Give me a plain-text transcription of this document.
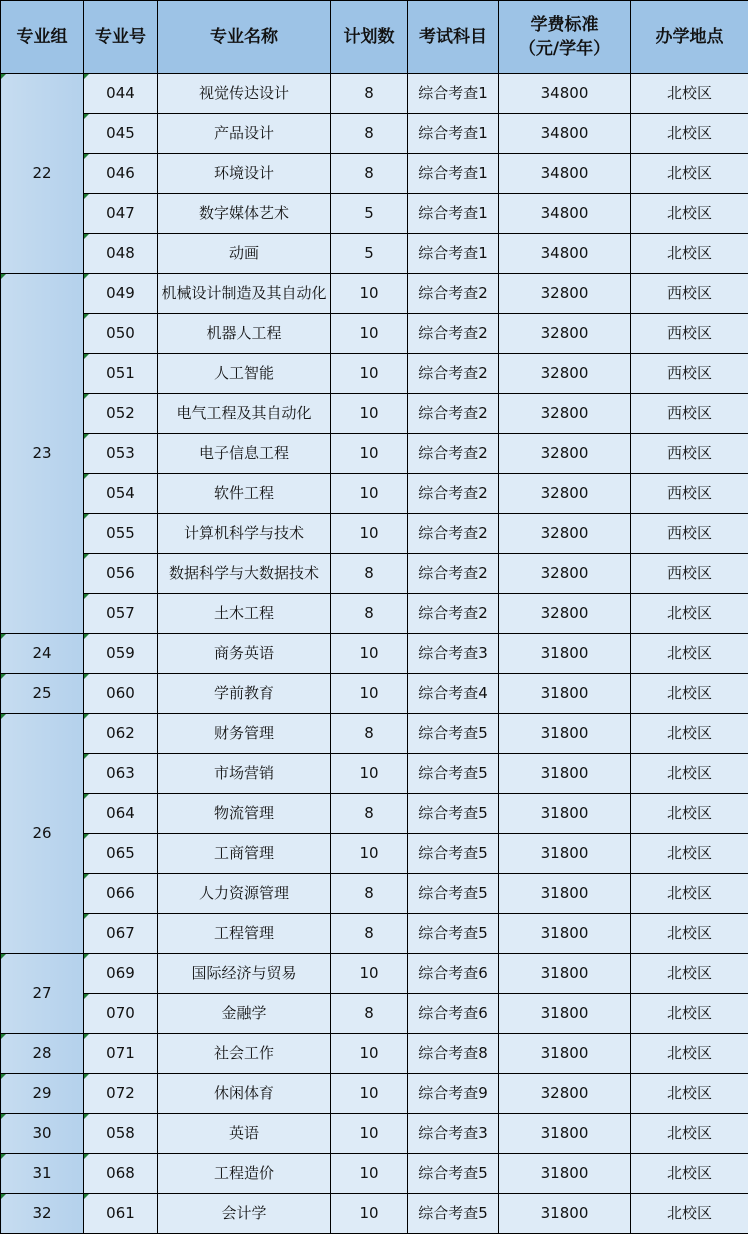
专业组	专业号	专业名称	计划数	考试科目	学费标准
（元/学年）	办学地点

22	044	视觉传达设计	8	综合考查1	34800	北校区

045	产品设计	8	综合考查1	34800	北校区

046	环境设计	8	综合考查1	34800	北校区

047	数字媒体艺术	5	综合考查1	34800	北校区

048	动画	5	综合考查1	34800	北校区

23	049	机械设计制造及其自动化	10	综合考查2	32800	西校区

050	机器人工程	10	综合考查2	32800	西校区

051	人工智能	10	综合考查2	32800	西校区

052	电气工程及其自动化	10	综合考查2	32800	西校区

053	电子信息工程	10	综合考查2	32800	西校区

054	软件工程	10	综合考查2	32800	西校区

055	计算机科学与技术	10	综合考查2	32800	西校区

056	数据科学与大数据技术	8	综合考查2	32800	西校区

057	土木工程	8	综合考查2	32800	北校区

24	059	商务英语	10	综合考查3	31800	北校区

25	060	学前教育	10	综合考查4	31800	北校区

26	062	财务管理	8	综合考查5	31800	北校区

063	市场营销	10	综合考查5	31800	北校区

064	物流管理	8	综合考查5	31800	北校区

065	工商管理	10	综合考查5	31800	北校区

066	人力资源管理	8	综合考查5	31800	北校区

067	工程管理	8	综合考查5	31800	北校区

27	069	国际经济与贸易	10	综合考查6	31800	北校区

070	金融学	8	综合考查6	31800	北校区

28	071	社会工作	10	综合考查8	31800	北校区

29	072	休闲体育	10	综合考查9	32800	北校区

30	058	英语	10	综合考查3	31800	北校区

31	068	工程造价	10	综合考查5	31800	北校区

32	061	会计学	10	综合考查5	31800	北校区
